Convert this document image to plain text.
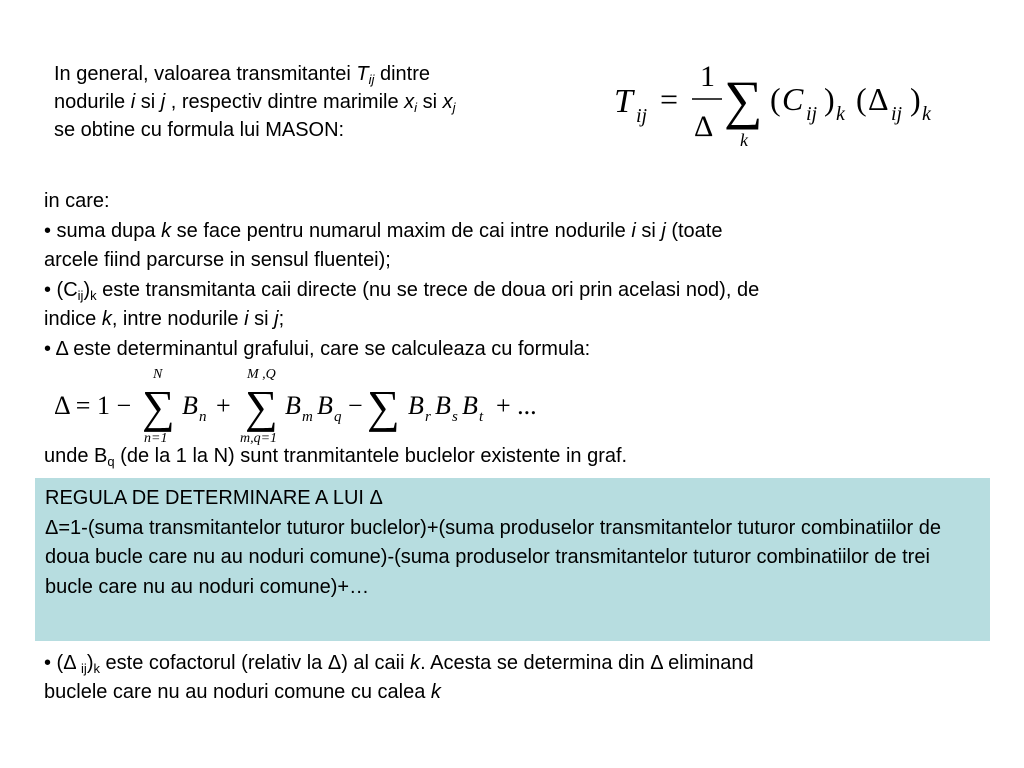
In general, valoarea transmitantei $T_{ij}$ dintre

nodurile i si j , respectiv dintre marimile $x_i$ si $x_j$

se obtine cu formula lui MASON:

T ij =
1
Δ ∑
k
( C ij ) k ( Δ ij ) k

in care:

• suma dupa k se face pentru numarul maxim de cai intre nodurile i si j (toate

arcele fiind parcurse in sensul fluentei);

• $(C_{ij})_k$ este transmitanta caii directe (nu se trece de doua ori prin acelasi nod), de

indice k, intre nodurile i si j;

• Δ este determinantul grafului, care se calculeaza cu formula:

Δ = 1 − ∑
N
n=1
B n + ∑
M ,Q
m,q=1
B m B q − ∑ B r B s B t + ...

unde $B_q$ (de la 1 la N) sunt tranmitantele buclelor existente in graf.

REGULA DE DETERMINARE A LUI Δ

Δ=1-(suma transmitantelor tuturor buclelor)+(suma produselor transmitantelor tuturor combinatiilor de doua bucle care nu au noduri comune)-(suma produselor transmitantelor tuturor combinatiilor de trei bucle care nu au noduri comune)+…

• (Δ $_{ij})_k$ este cofactorul (relativ la Δ) al caii k. Acesta se determina din Δ eliminand

buclele care nu au noduri comune cu calea k
